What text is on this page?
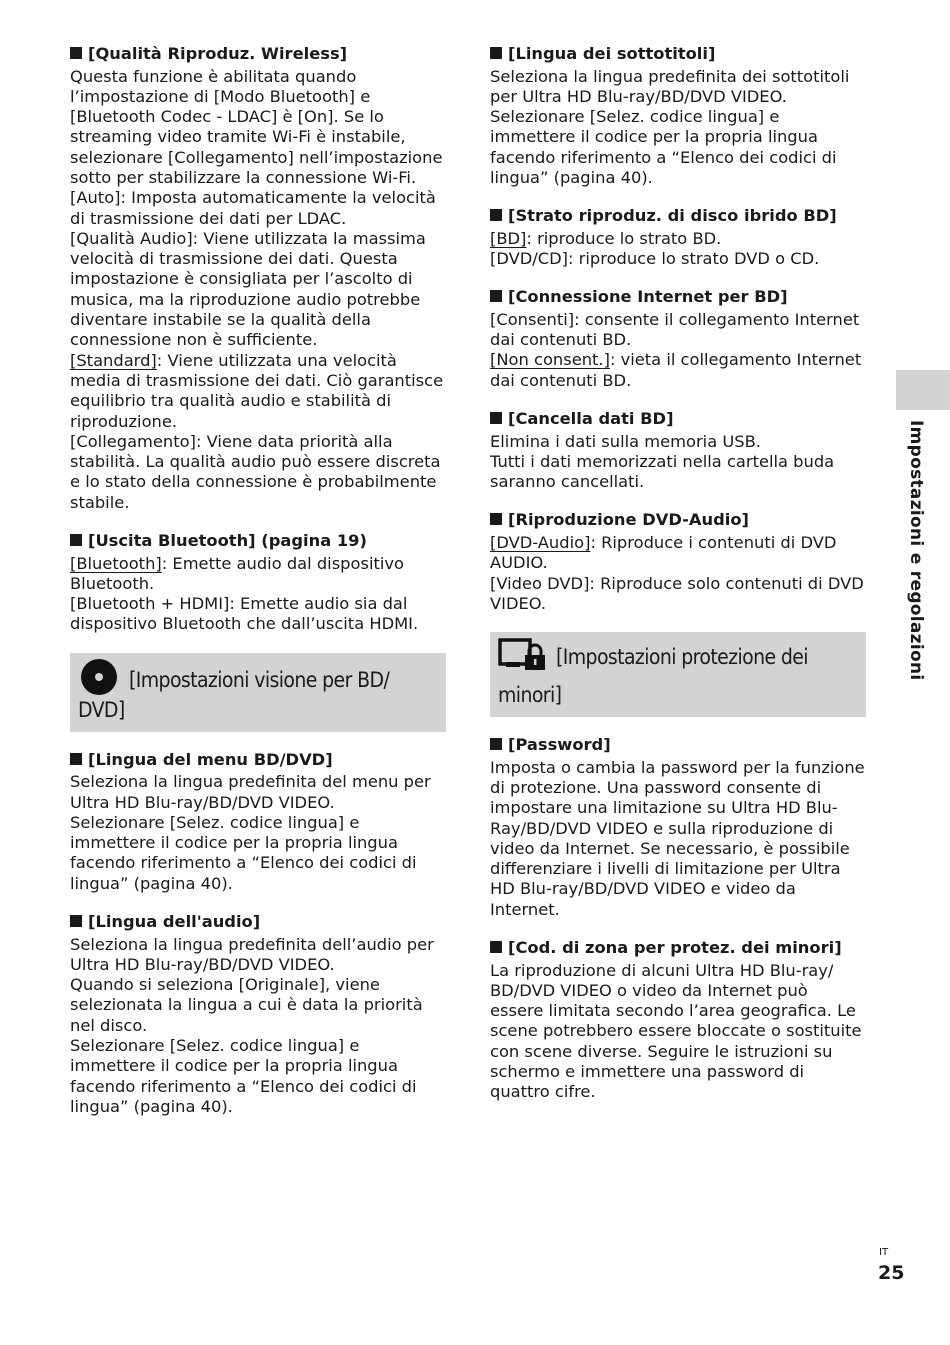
[Qualità Riproduz. Wireless]

Questa funzione è abilitata quando l’impostazione di [Modo Bluetooth] e [Bluetooth Codec - LDAC] è [On]. Se lo streaming video tramite Wi-Fi è instabile, selezionare [Collegamento] nell’impostazione sotto per stabilizzare la connessione Wi-Fi.

[Auto]: Imposta automaticamente la velocità di trasmissione dei dati per LDAC.

[Qualità Audio]: Viene utilizzata la massima velocità di trasmissione dei dati. Questa impostazione è consigliata per l’ascolto di musica, ma la riproduzione audio potrebbe diventare instabile se la qualità della connessione non è sufficiente.

[Standard]: Viene utilizzata una velocità media di trasmissione dei dati. Ciò garantisce equilibrio tra qualità audio e stabilità di riproduzione.

[Collegamento]: Viene data priorità alla stabilità. La qualità audio può essere discreta e lo stato della connessione è probabilmente stabile.

[Uscita Bluetooth] (pagina 19)

[Bluetooth]: Emette audio dal dispositivo Bluetooth.

[Bluetooth + HDMI]: Emette audio sia dal dispositivo Bluetooth che dall’uscita HDMI.

[Impostazioni visione per BD/ DVD]
[Lingua del menu BD/DVD]

Seleziona la lingua predefinita del menu per Ultra HD Blu-ray/BD/DVD VIDEO.

Selezionare [Selez. codice lingua] e immettere il codice per la propria lingua facendo riferimento a “Elenco dei codici di lingua” (pagina 40).

[Lingua dell'audio]

Seleziona la lingua predefinita dell’audio per Ultra HD Blu-ray/BD/DVD VIDEO.

Quando si seleziona [Originale], viene selezionata la lingua a cui è data la priorità nel disco.

Selezionare [Selez. codice lingua] e immettere il codice per la propria lingua facendo riferimento a “Elenco dei codici di lingua” (pagina 40).

[Lingua dei sottotitoli]

Seleziona la lingua predefinita dei sottotitoli per Ultra HD Blu-ray/BD/DVD VIDEO.

Selezionare [Selez. codice lingua] e immettere il codice per la propria lingua facendo riferimento a “Elenco dei codici di lingua” (pagina 40).

[Strato riproduz. di disco ibrido BD]

[BD]: riproduce lo strato BD.

[DVD/CD]: riproduce lo strato DVD o CD.

[Connessione Internet per BD]

[Consenti]: consente il collegamento Internet dai contenuti BD.

[Non consent.]: vieta il collegamento Internet dai contenuti BD.

[Cancella dati BD]

Elimina i dati sulla memoria USB.

Tutti i dati memorizzati nella cartella buda saranno cancellati.

[Riproduzione DVD-Audio]

[DVD-Audio]: Riproduce i contenuti di DVD AUDIO.

[Video DVD]: Riproduce solo contenuti di DVD VIDEO.

[Impostazioni protezione dei minori]
[Password]

Imposta o cambia la password per la funzione di protezione. Una password consente di impostare una limitazione su Ultra HD Blu-Ray/BD/DVD VIDEO e sulla riproduzione di video da Internet. Se necessario, è possibile differenziare i livelli di limitazione per Ultra HD Blu-ray/BD/DVD VIDEO e video da Internet.

[Cod. di zona per protez. dei minori]

La riproduzione di alcuni Ultra HD Blu-ray/ BD/DVD VIDEO o video da Internet può essere limitata secondo l’area geografica. Le scene potrebbero essere bloccate o sostituite con scene diverse. Seguire le istruzioni su schermo e immettere una password di quattro cifre.

Impostazioni e regolazioni
IT
25
